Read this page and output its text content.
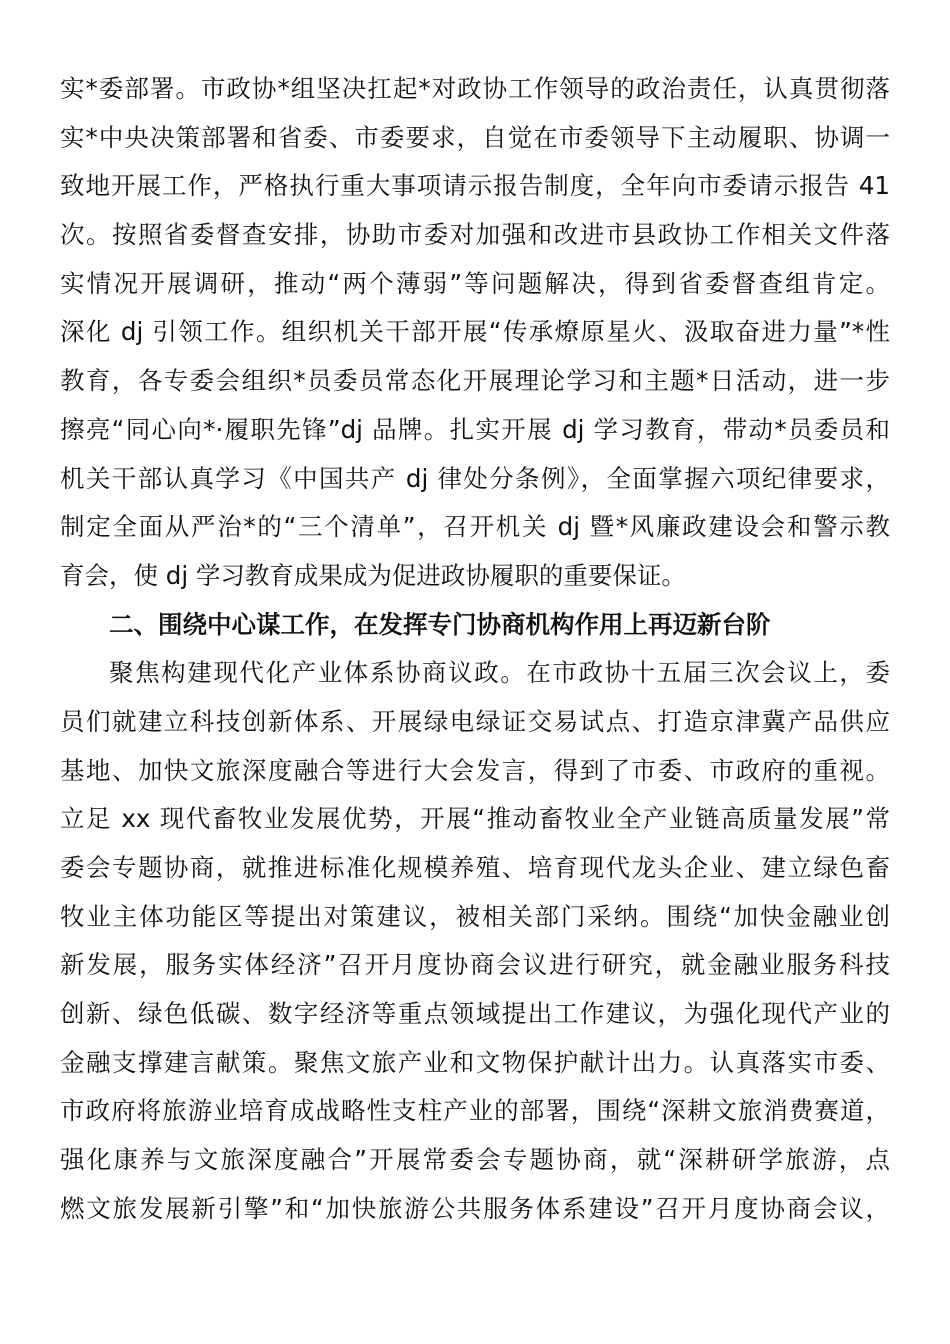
实*委部署。市政协*组坚决扛起*对政协工作领导的政治责任，认真贯彻落
实*中央决策部署和省委、市委要求，自觉在市委领导下主动履职、协调一
致地开展工作，严格执行重大事项请示报告制度，全年向市委请示报告 41
次。按照省委督查安排，协助市委对加强和改进市县政协工作相关文件落
实情况开展调研，推动“两个薄弱”等问题解决，得到省委督查组肯定。
深化 dj 引领工作。组织机关干部开展“传承燎原星火、汲取奋进力量”*性
教育，各专委会组织*员委员常态化开展理论学习和主题*日活动，进一步
擦亮“同心向*·履职先锋”dj 品牌。扎实开展 dj 学习教育，带动*员委员和
机关干部认真学习《中国共产 dj 律处分条例》，全面掌握六项纪律要求，
制定全面从严治*的“三个清单”，召开机关 dj 暨*风廉政建设会和警示教
育会，使 dj 学习教育成果成为促进政协履职的重要保证。
二、围绕中心谋工作，在发挥专门协商机构作用上再迈新台阶
聚焦构建现代化产业体系协商议政。在市政协十五届三次会议上，委
员们就建立科技创新体系、开展绿电绿证交易试点、打造京津冀产品供应
基地、加快文旅深度融合等进行大会发言，得到了市委、市政府的重视。
立足 xx 现代畜牧业发展优势，开展“推动畜牧业全产业链高质量发展”常
委会专题协商，就推进标准化规模养殖、培育现代龙头企业、建立绿色畜
牧业主体功能区等提出对策建议，被相关部门采纳。围绕“加快金融业创
新发展，服务实体经济”召开月度协商会议进行研究，就金融业服务科技
创新、绿色低碳、数字经济等重点领域提出工作建议，为强化现代产业的
金融支撑建言献策。聚焦文旅产业和文物保护献计出力。认真落实市委、
市政府将旅游业培育成战略性支柱产业的部署，围绕“深耕文旅消费赛道，
强化康养与文旅深度融合”开展常委会专题协商，就“深耕研学旅游，点
燃文旅发展新引擎”和“加快旅游公共服务体系建设”召开月度协商会议，
